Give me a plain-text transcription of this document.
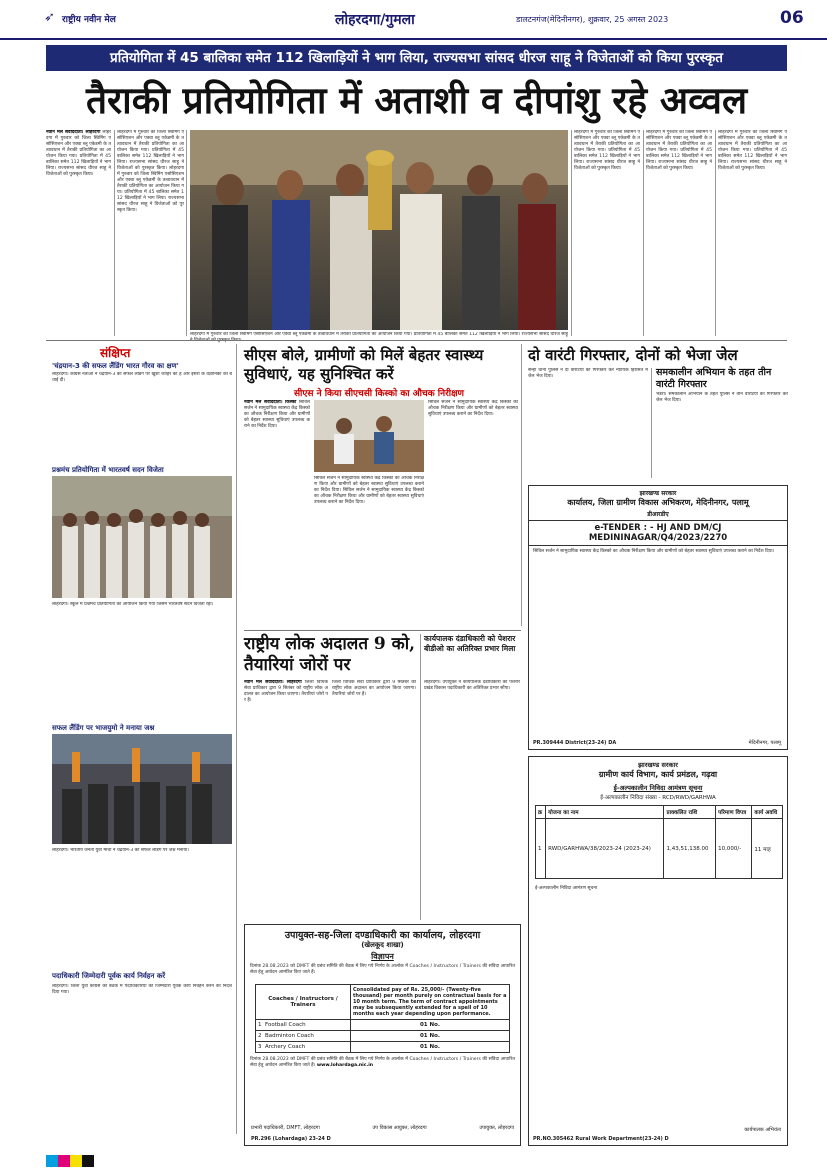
➶ राष्ट्रीय नवीन मेल	लोहरदगा/गुमला	डालटनगंज(मेदिनीनगर), शुक्रवार, 25 अगस्त 2023	06
प्रतियोगिता में 45 बालिका समेत 112 खिलाड़ियों ने भाग लिया, राज्यसभा सांसद धीरज साहू ने विजेताओं को किया पुरस्कृत
तैराकी प्रतियोगिता में अताशी व दीपांशु रहे अव्वल
नवीन मेल संवाददाता। लोहरदगा लोहरदगा में गुरुवार को जिला स्विमिंग एसोसिएशन और एक्वा ब्लू एकेडमी के तत्वावधान में तैराकी प्रतियोगिता का आयोजन किया गया। प्रतियोगिता में 45 बालिका समेत 112 खिलाड़ियों ने भाग लिया। राज्यसभा सांसद धीरज साहू ने विजेताओं को पुरस्कृत किया।
लोहरदगा में गुरुवार को जिला स्विमिंग एसोसिएशन और एक्वा ब्लू एकेडमी के तत्वावधान में तैराकी प्रतियोगिता का आयोजन किया गया। प्रतियोगिता में 45 बालिका समेत 112 खिलाड़ियों ने भाग लिया। राज्यसभा सांसद धीरज साहू ने विजेताओं को पुरस्कृत किया। लोहरदगा में गुरुवार को जिला स्विमिंग एसोसिएशन और एक्वा ब्लू एकेडमी के तत्वावधान में तैराकी प्रतियोगिता का आयोजन किया गया। प्रतियोगिता में 45 बालिका समेत 112 खिलाड़ियों ने भाग लिया। राज्यसभा सांसद धीरज साहू ने विजेताओं को पुरस्कृत किया।
लोहरदगा में गुरुवार को जिला स्विमिंग एसोसिएशन और एक्वा ब्लू एकेडमी के तत्वावधान में तैराकी प्रतियोगिता का आयोजन किया गया। प्रतियोगिता में 45 बालिका समेत 112 खिलाड़ियों ने भाग लिया। राज्यसभा सांसद धीरज साहू
लोहरदगा में गुरुवार को जिला स्विमिंग एसोसिएशन और एक्वा ब्लू एकेडमी के तत्वावधान में तैराकी प्रतियोगिता का आयोजन किया गया। प्रतियोगिता में 45 बालिका समेत 112 खिलाड़ियों ने भाग लिया। राज्यसभा सांसद धीरज साहू ने विजेताओं को पुरस्कृत किया।
लोहरदगा में गुरुवार को जिला स्विमिंग एसोसिएशन और एक्वा ब्लू एकेडमी के तत्वावधान में तैराकी प्रतियोगिता का आयोजन किया गया। प्रतियोगिता में 45 बालिका समेत 112 खिलाड़ियों ने भाग लिया। राज्यसभा सांसद धीरज साहू ने विजेताओं को पुरस्कृत किया।
लोहरदगा में गुरुवार को जिला स्विमिंग एसोसिएशन और एक्वा ब्लू एकेडमी के तत्वावधान में तैराकी प्रतियोगिता का आयोजन किया गया। प्रतियोगिता में 45 बालिका समेत 112 खिलाड़ियों ने भाग लिया। राज्यसभा सांसद धीरज साहू ने विजेताओं को पुरस्कृत किया।
संक्षिप्त
'चंद्रयान-3 की सफल लैंडिंग भारत गौरव का क्षण'
लोहरदगा। कांग्रेस नेताओं ने चंद्रयान-3 की सफल लैंडिंग पर खुशी जाहिर की है और इसरो के वैज्ञानिकों को बधाई दी।
प्रश्नमंच प्रतियोगिता में भारतवर्ष सदन विजेता
लोहरदगा। स्कूल में प्रश्नमंच प्रतियोगिता का आयोजन किया गया जिसमें भारतवर्ष सदन विजेता रहा।
सफल लैंडिंग पर भाजयुमो ने मनाया जश्न
लोहरदगा। भारतीय जनता युवा मोर्चा ने चंद्रयान-3 की सफल लैंडिंग पर जश्न मनाया।
पदाधिकारी जिम्मेदारी पूर्वक कार्य निर्वहन करें
लोहरदगा। जिला युवा कांग्रेस की बैठक में पदाधिकारियों को जिम्मेदारी पूर्वक कार्य निर्वहन करने का निर्देश दिया गया।
सीएस बोले, ग्रामीणों को मिलें बेहतर स्वास्थ्य सुविधाएं, यह सुनिश्चित करें
सीएस ने किया सीएचसी किस्को का औचक निरीक्षण
नवीन मेल संवाददाता। किस्को सिविल सर्जन ने सामुदायिक स्वास्थ्य केंद्र किस्को का औचक निरीक्षण किया और ग्रामीणों को बेहतर स्वास्थ्य सुविधाएं उपलब्ध कराने का निर्देश दिया।
सिविल सर्जन ने सामुदायिक स्वास्थ्य केंद्र किस्को का औचक निरीक्षण किया और ग्रामीणों को बेहतर स्वास्थ्य सुविधाएं उपलब्ध कराने का निर्देश दिया। सिविल सर्जन ने सामुदायिक स्वास्थ्य केंद्र किस्को का औचक निरीक्षण किया और ग्रामीणों को बेहतर स्वास्थ्य सुविधाएं उपलब्ध कराने का निर्देश दिया।
सिविल सर्जन ने सामुदायिक स्वास्थ्य केंद्र किस्को का औचक निरीक्षण किया और ग्रामीणों को बेहतर स्वास्थ्य सुविधाएं उपलब्ध कराने का निर्देश दिया।
दो वारंटी गिरफ्तार, दोनों को भेजा जेल
सेन्हा थाना पुलिस ने दो वारंटियों को गिरफ्तार कर न्यायिक हिरासत में जेल भेज दिया।	समकालीन अभियान के तहत तीन वारंटी गिरफ्तार
भंडरा। समकालीन अभियान के तहत पुलिस ने तीन वारंटियों को गिरफ्तार कर जेल भेज दिया।
झारखण्ड सरकार
कार्यालय, जिला ग्रामीण विकास अभिकरण, मेदिनीनगर, पलामू
डीआरडीए
e-TENDER : - HJ AND DM/CJ MEDININAGAR/Q4/2023/2270
सिविल सर्जन ने सामुदायिक स्वास्थ्य केंद्र किस्को का औचक निरीक्षण किया और ग्रामीणों को बेहतर स्वास्थ्य सुविधाएं उपलब्ध कराने का निर्देश दिया।
PR.309444 District(23-24) DA	मेदिनीनगर, पलामू
राष्ट्रीय लोक अदालत 9 को, तैयारियां जोरों पर
नवीन मेल संवाददाता। लोहरदगा जिला विधिक सेवा प्राधिकार द्वारा 9 सितंबर को राष्ट्रीय लोक अदालत का आयोजन किया जाएगा। तैयारियां जोरों पर हैं।
जिला विधिक सेवा प्राधिकार द्वारा 9 सितंबर को राष्ट्रीय लोक अदालत का आयोजन किया जाएगा। तैयारियां जोरों पर हैं।
कार्यपालक दंडाधिकारी को पेशरार बीडीओ का अतिरिक्त प्रभार मिला
लोहरदगा। उपायुक्त ने कार्यपालक दंडाधिकारी को पेशरार प्रखंड विकास पदाधिकारी का अतिरिक्त प्रभार सौंपा।
उपायुक्त-सह-जिला दण्डाधिकारी का कार्यालय, लोहरदगा
(खेलकूद शाखा)
विज्ञापन
दिनांक 28.08.2023 को DMFT की प्रबंध समिति की बैठक में लिए गये निर्णय के आलोक में Coaches / Instructors / Trainers की संविदा आधारित सेवा हेतु आवेदन आमंत्रित किए जाते हैं।
Coaches / Instructors / Trainers	Consolidated pay of Rs. 25,000/- (Twenty-five thousand) per month purely on contractual basis for a 10 month term. The term of contract appointments may be subsequently extended for a spell of 10 months each year depending upon performance.
1 Football Coach	01 No.
2 Badminton Coach	01 No.
3 Archery Coach	01 No.
दिनांक 28.08.2023 को DMFT की प्रबंध समिति की बैठक में लिए गये निर्णय के आलोक में Coaches / Instructors / Trainers की संविदा आधारित सेवा हेतु आवेदन आमंत्रित किए जाते हैं। www.lohardaga.nic.in
प्रभारी पदाधिकारी, DMFT, लोहरदगा	उप विकास आयुक्त, लोहरदगा	उपायुक्त, लोहरदगा
PR.296 (Lohardaga) 23-24 D
झारखण्ड सरकार
ग्रामीण कार्य विभाग, कार्य प्रमंडल, गढ़वा
ई-अल्पकालीन निविदा आमंत्रण सूचना
ई-अल्पकालीन निविदा संख्या - RCD/RWD/GARHWA
क्र	योजना का नाम	प्राक्कलित राशि	परिमाण विपत्र	कार्य अवधि
1	RWD/GARHWA/38/2023-24 (2023-24)	1,43,51,138.00	10,000/-	11 माह
ई-अल्पकालीन निविदा आमंत्रण सूचना
PR.NO.305462 Rural Work Department(23-24) D
कार्यपालक अभियंता
